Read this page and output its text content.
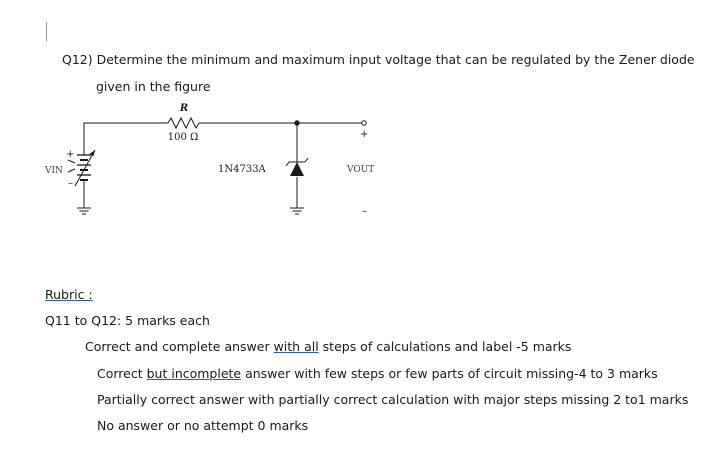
Q12) Determine the minimum and maximum input voltage that can be regulated by the Zener diode
given in the figure
R
100 Ω
1N4733A
VIN	VOUT
+
–
+
–
Rubric :
Q11 to Q12: 5 marks each
Correct and complete answer with all steps of calculations and label -5 marks
Correct but incomplete answer with few steps or few parts of circuit missing-4 to 3 marks
Partially correct answer with partially correct calculation with major steps missing 2 to1 marks
No answer or no attempt 0 marks
